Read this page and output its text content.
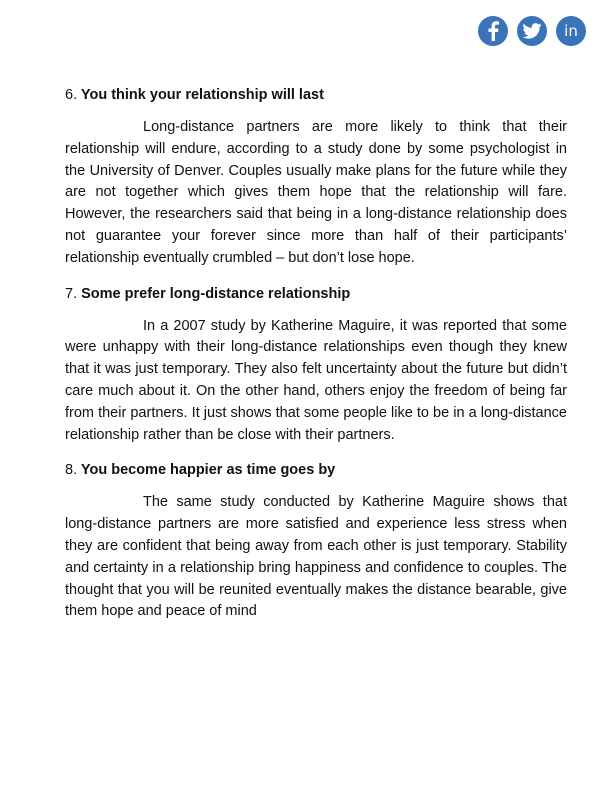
in

6. You think your relationship will last

Long-distance partners are more likely to think that their relationship will endure, according to a study done by some psychologist in the University of Denver. Couples usually make plans for the future while they are not together which gives them hope that the relationship will fare. However, the researchers said that being in a long-distance relationship does not guarantee your forever since more than half of their participants’ relationship eventually crumbled – but don’t lose hope.

7. Some prefer long-distance relationship

In a 2007 study by Katherine Maguire, it was reported that some were unhappy with their long-distance relationships even though they knew that it was just temporary. They also felt uncertainty about the future but didn’t care much about it. On the other hand, others enjoy the freedom of being far from their partners. It just shows that some people like to be in a long-distance relationship rather than be close with their partners.

8. You become happier as time goes by

The same study conducted by Katherine Maguire shows that long-distance partners are more satisfied and experience less stress when they are confident that being away from each other is just temporary. Stability and certainty in a relationship bring happiness and confidence to couples. The thought that you will be reunited eventually makes the distance bearable, give them hope and peace of mind
